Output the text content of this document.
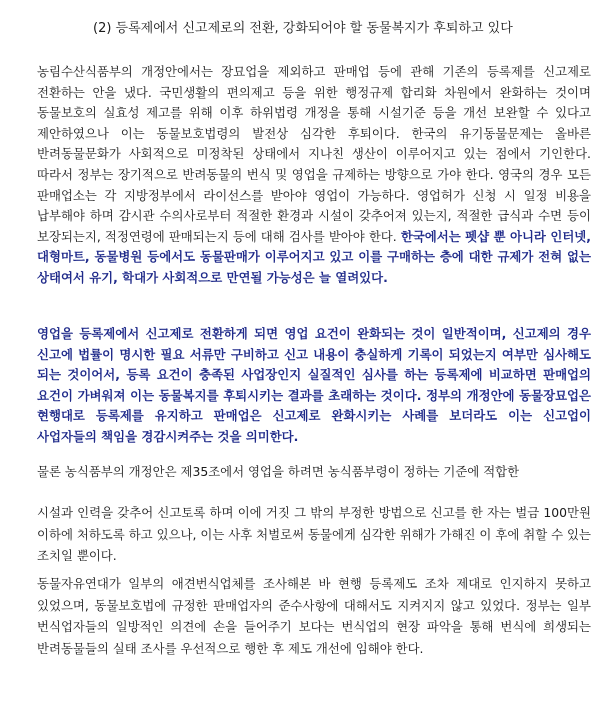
(2) 등록제에서 신고제로의 전환, 강화되어야 할 동물복지가 후퇴하고 있다

농림수산식품부의 개정안에서는 장묘업을 제외하고 판매업 등에 관해 기존의 등록제를 신고제로 전환하는 안을 냈다. 국민생활의 편의제고 등을 위한 행정규제 합리화 차원에서 완화하는 것이며 동물보호의 실효성 제고를 위해 이후 하위법령 개정을 통해 시설기준 등을 개선 보완할 수 있다고 제안하였으나 이는 동물보호법령의 발전상 심각한 후퇴이다. 한국의 유기동물문제는 올바른 반려동물문화가 사회적으로 미정착된 상태에서 지나친 생산이 이루어지고 있는 점에서 기인한다. 따라서 정부는 장기적으로 반려동물의 번식 및 영업을 규제하는 방향으로 가야 한다. 영국의 경우 모든 판매업소는 각 지방정부에서 라이선스를 받아야 영업이 가능하다. 영업허가 신청 시 일정 비용을 납부해야 하며 감시관 수의사로부터 적절한 환경과 시설이 갖추어져 있는지, 적절한 급식과 수면 등이 보장되는지, 적정연령에 판매되는지 등에 대해 검사를 받아야 한다. 한국에서는 펫샵 뿐 아니라 인터넷, 대형마트, 동물병원 등에서도 동물판매가 이루어지고 있고 이를 구매하는 층에 대한 규제가 전혀 없는 상태여서 유기, 학대가 사회적으로 만연될 가능성은 늘 열려있다.

영업을 등록제에서 신고제로 전환하게 되면 영업 요건이 완화되는 것이 일반적이며, 신고제의 경우 신고에 법률이 명시한 필요 서류만 구비하고 신고 내용이 충실하게 기록이 되었는지 여부만 심사해도 되는 것이어서, 등록 요건이 충족된 사업장인지 실질적인 심사를 하는 등록제에 비교하면 판매업의 요건이 가벼워져 이는 동물복지를 후퇴시키는 결과를 초래하는 것이다. 정부의 개정안에 동물장묘업은 현행대로 등록제를 유지하고 판매업은 신고제로 완화시키는 사례를 보더라도 이는 신고업이 사업자들의 책임을 경감시켜주는 것을 의미한다.

물론 농식품부의 개정안은 제35조에서 영업을 하려면 농식품부령이 정하는 기준에 적합한

시설과 인력을 갖추어 신고토록 하며 이에 거짓 그 밖의 부정한 방법으로 신고를 한 자는 벌금 100만원 이하에 처하도록 하고 있으나, 이는 사후 처벌로써 동물에게 심각한 위해가 가해진 이 후에 취할 수 있는 조치일 뿐이다.

동물자유연대가 일부의 애견번식업체를 조사해본 바 현행 등록제도 조차 제대로 인지하지 못하고 있었으며, 동물보호법에 규정한 판매업자의 준수사항에 대해서도 지켜지지 않고 있었다. 정부는 일부 번식업자들의 일방적인 의견에 손을 들어주기 보다는 번식업의 현장 파악을 통해 번식에 희생되는 반려동물들의 실태 조사를 우선적으로 행한 후 제도 개선에 임해야 한다.
